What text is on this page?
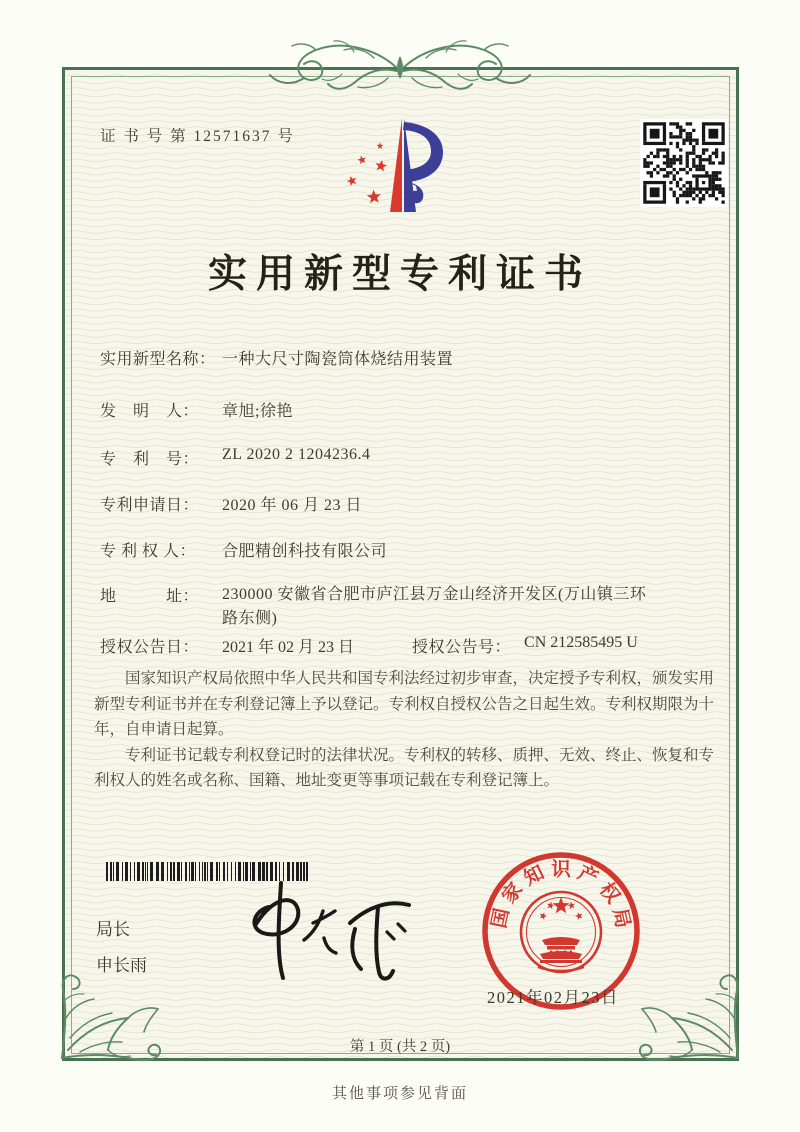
证 书 号 第 12571637 号
实用新型专利证书
实用新型名称： 一种大尺寸陶瓷筒体烧结用装置
发　明　人：	章旭;徐艳
专　利　号：	ZL 2020 2 1204236.4
专利申请日：	2020 年 06 月 23 日
专 利 权 人：	合肥精创科技有限公司
地　　　址：	230000 安徽省合肥市庐江县万金山经济开发区(万山镇三环路东侧)
授权公告日：	2021 年 02 月 23 日	授权公告号： CN 212585495 U

国家知识产权局依照中华人民共和国专利法经过初步审查，决定授予专利权，颁发实用新型专利证书并在专利登记簿上予以登记。专利权自授权公告之日起生效。专利权期限为十年，自申请日起算。

专利证书记载专利权登记时的法律状况。专利权的转移、质押、无效、终止、恢复和专利权人的姓名或名称、国籍、地址变更等事项记载在专利登记簿上。

局长
申长雨
国
家
知 识 产
权
局
2021年02月23日
第 1 页 (共 2 页)
其他事项参见背面
